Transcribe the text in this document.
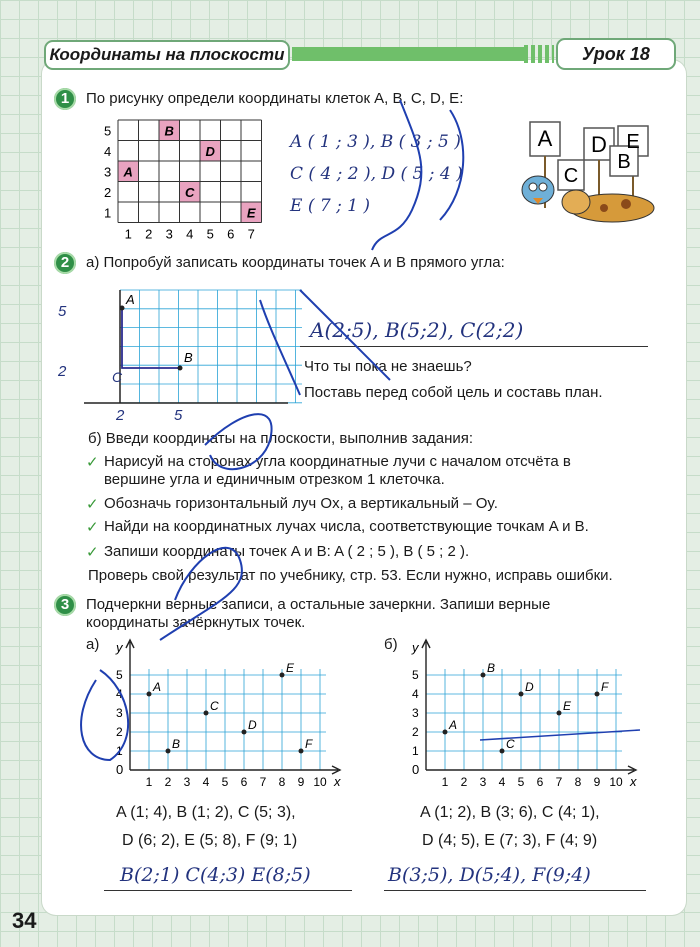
Координаты на плоскости	Урок 18
1	По рисунку определи координаты клеток A, B, C, D, E:
A
B
C
D
E
5
4
3
2
1
1 2 3 4 5 6 7
A ( 1 ; 3 ), B ( 3 ; 5 )
C ( 4 ; 2 ), D ( 5 ; 4 )
E ( 7 ; 1 )
A D E
C
B
2	а) Попробуй записать координаты точек A и B прямого угла:
A
B
C
5
2
2	5
A(2;5), B(5;2), C(2;2)
Что ты пока не знаешь?
Поставь перед собой цель и составь план.
б) Введи координаты на плоскости, выполнив задания:
✓ Нарисуй на сторонах угла координатные лучи с началом отсчёта в
вершине угла и единичным отрезком 1 клеточка.
✓ Обозначь горизонтальный луч Ox, а вертикальный – Oy.
✓ Найди на координатных лучах числа, соответствующие точкам A и B.
✓ Запиши координаты точек A и B: A ( 2 ; 5 ), B ( 5 ; 2 ).
Проверь свой результат по учебнику, стр. 53. Если нужно, исправь ошибки.
3	Подчеркни верные записи, а остальные зачеркни. Запиши верные
координаты зачёркнутых точек.
а)	б)
y
x
0
1 2 3 4 5 6 7 8 9 10
1
2
3
4
5
A
B
C
D
E
F
y
x
0
1 2 3 4 5 6 7 8 9 10
1
2
3
4
5
A
B
C
D
E
F
A (1; 4), B (1; 2), C (5; 3),
D (6; 2), E (5; 8), F (9; 1)
A (1; 2), B (3; 6), C (4; 1),
D (4; 5), E (7; 3), F (4; 9)
B(2;1) C(4;3) E(8;5)	B(3;5), D(5;4), F(9;4)
34
